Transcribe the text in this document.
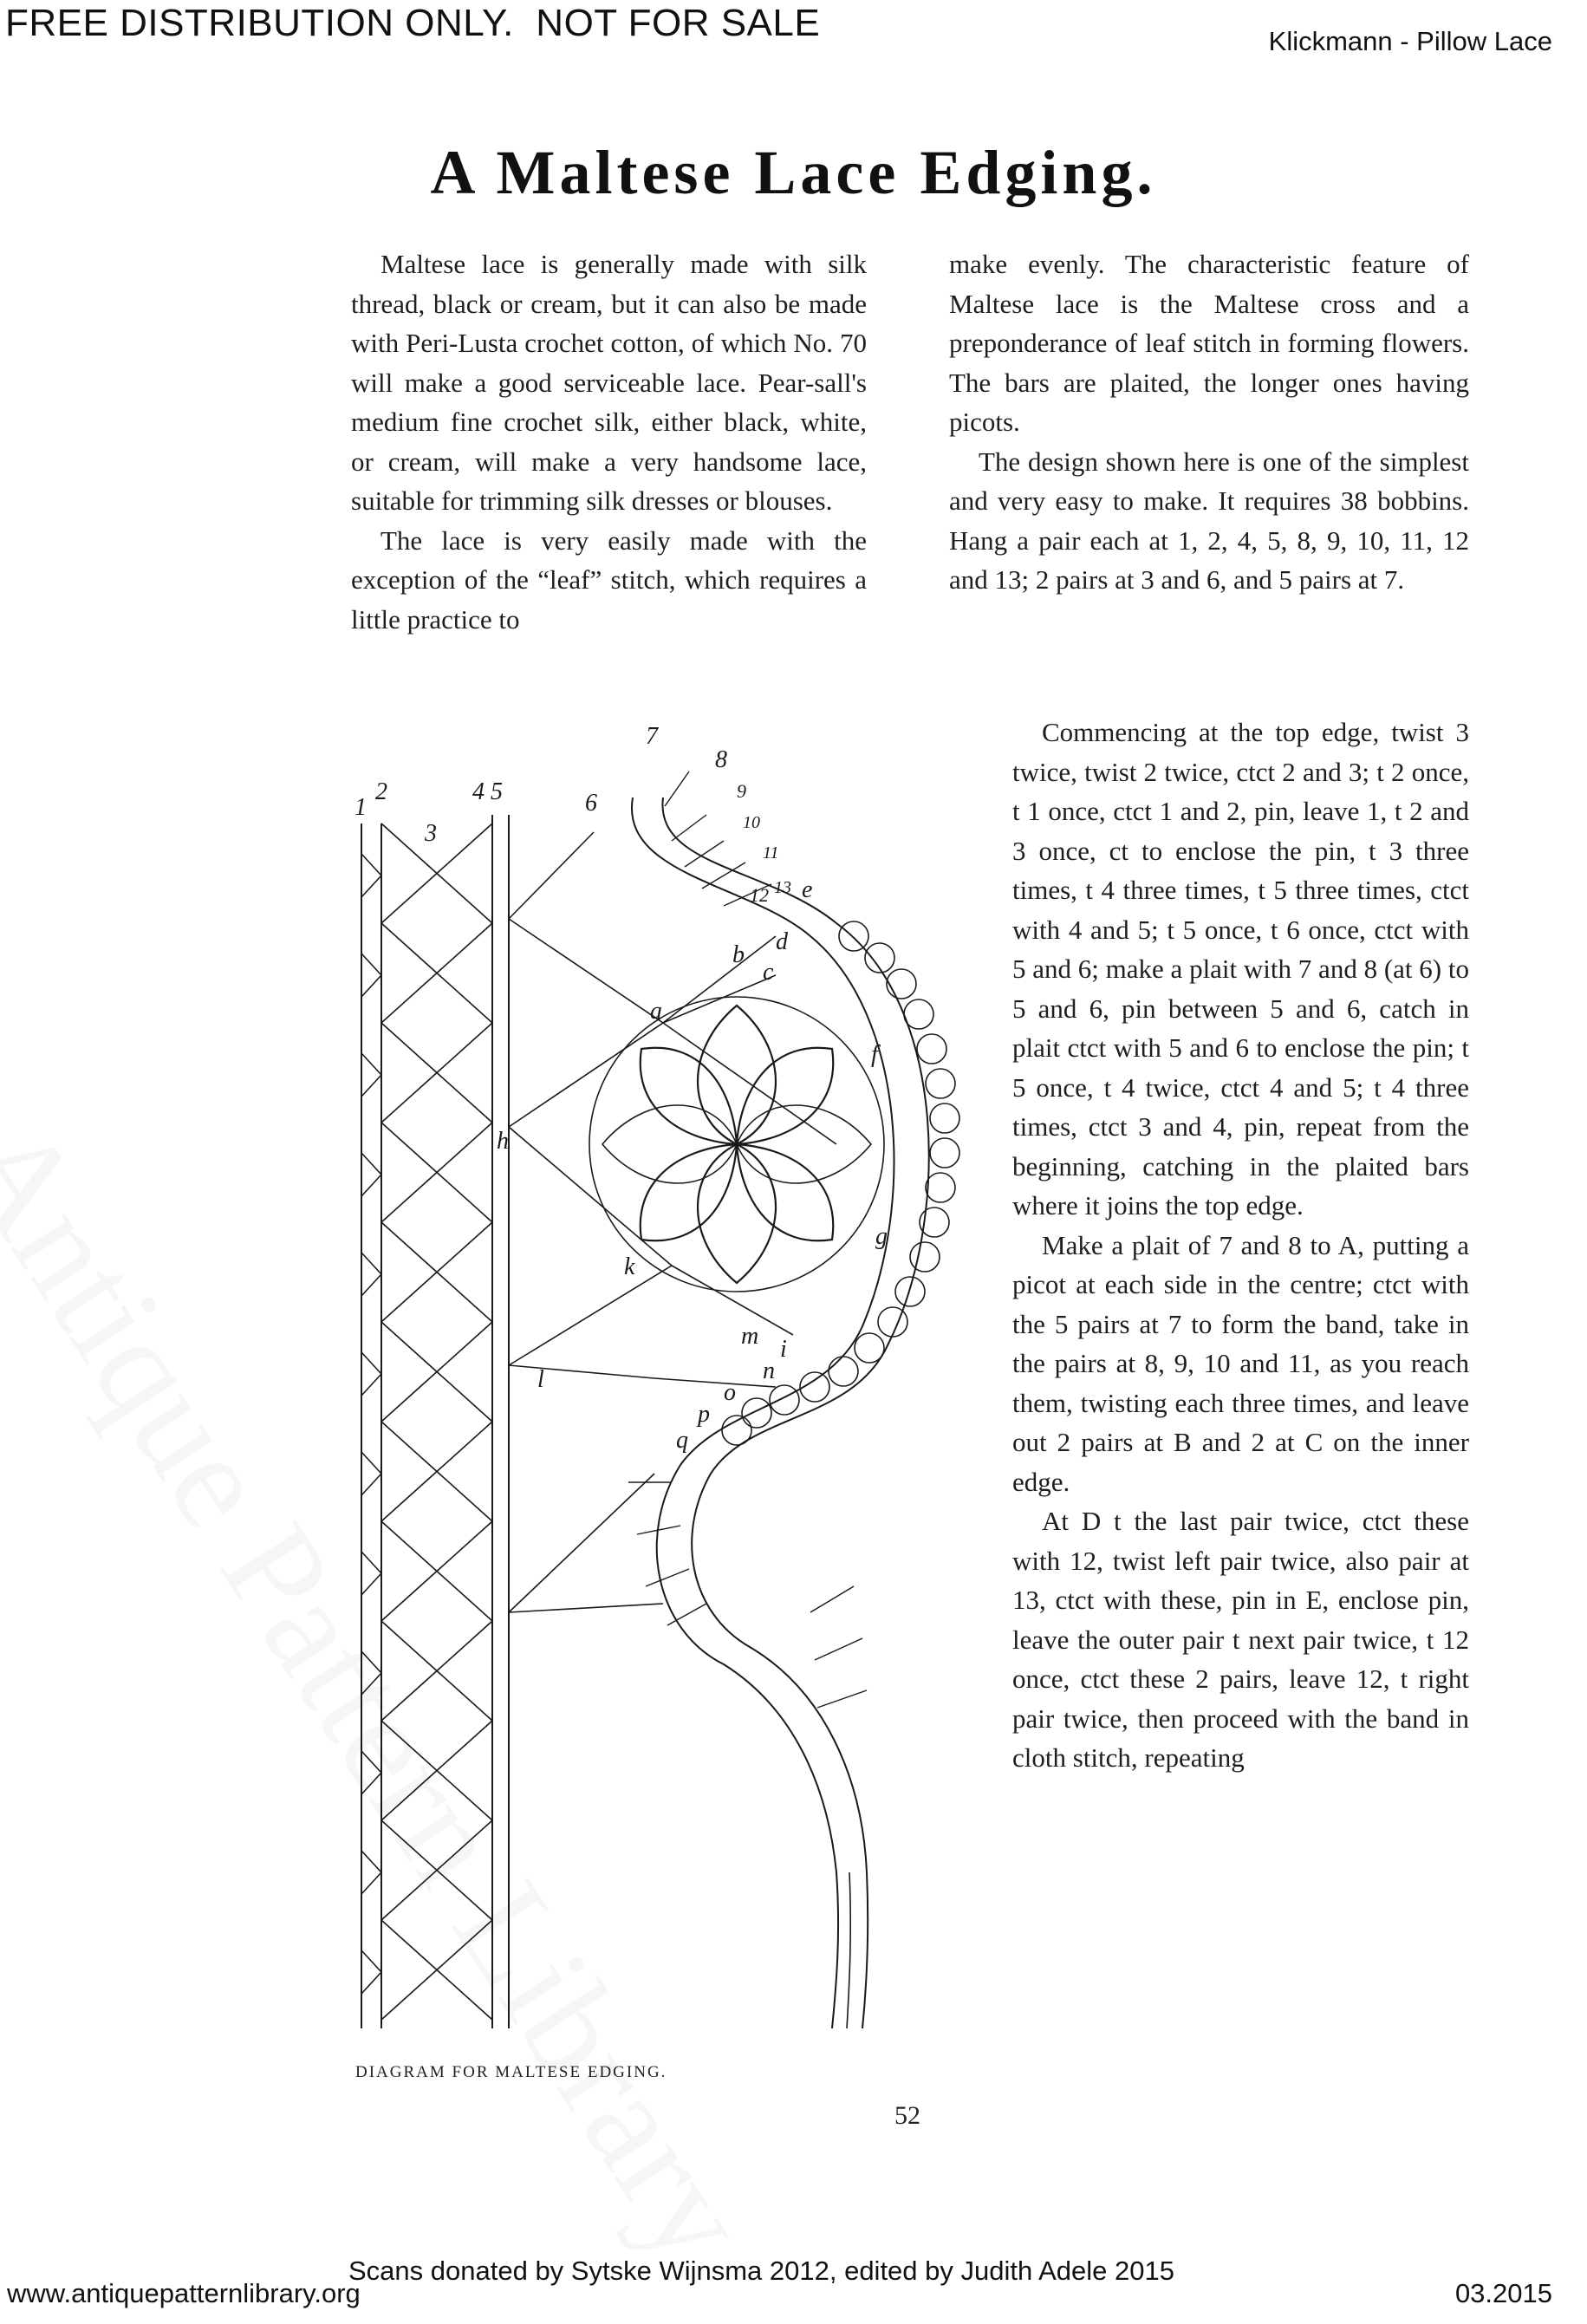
FREE DISTRIBUTION ONLY.  NOT FOR SALE	Klickmann - Pillow Lace
A Maltese Lace Edging.

Maltese lace is generally made with silk thread, black or cream, but it can also be made with Peri-Lusta crochet cotton, of which No. 70 will make a good serviceable lace. Pear-sall's medium fine crochet silk, either black, white, or cream, will make a very handsome lace, suitable for trimming silk dresses or blouses.

The lace is very easily made with the exception of the “leaf” stitch, which requires a little practice to

make evenly. The characteristic feature of Maltese lace is the Maltese cross and a preponderance of leaf stitch in forming flowers. The bars are plaited, the longer ones having picots.

The design shown here is one of the simplest and very easy to make. It requires 38 bobbins. Hang a pair each at 1, 2, 4, 5, 8, 9, 10, 11, 12 and 13; 2 pairs at 3 and 6, and 5 pairs at 7.

Commencing at the top edge, twist 3 twice, twist 2 twice, ctct 2 and 3; t 2 once, t 1 once, ctct 1 and 2, pin, leave 1, t 2 and 3 once, ct to enclose the pin, t 3 three times, t 4 three times, t 5 three times, ctct with 4 and 5; t 5 once, t 6 once, ctct with 5 and 6; make a plait with 7 and 8 (at 6) to 5 and 6, pin between 5 and 6, catch in plait ctct with 5 and 6 to enclose the pin; t 5 once, t 4 twice, ctct 4 and 5; t 4 three times, ctct 3 and 4, pin, repeat from the beginning, catching in the plaited bars where it joins the top edge.

Make a plait of 7 and 8 to A, putting a picot at each side in the centre; ctct with the 5 pairs at 7 to form the band, take in the pairs at 8, 9, 10 and 11, as you reach them, twisting each three times, and leave out 2 pairs at B and 2 at C on the inner edge.

At D t the last pair twice, ctct these with 12, twist left pair twice, also pair at 13, ctct with these, pin in E, enclose pin, leave the outer pair t next pair twice, t 12 once, ctct these 2 pairs, leave 12, t right pair twice, then proceed with the band in cloth stitch, repeating

1
2
3
4 5	6
7
8
9
10
11
12 13
a
b
c
d
e
f
g
h
i
k
l
m
n
o
p
q
DIAGRAM FOR MALTESE EDGING.
52
Scans donated by Sytske Wijnsma 2012, edited by Judith Adele 2015
www.antiquepatternlibrary.org	03.2015
